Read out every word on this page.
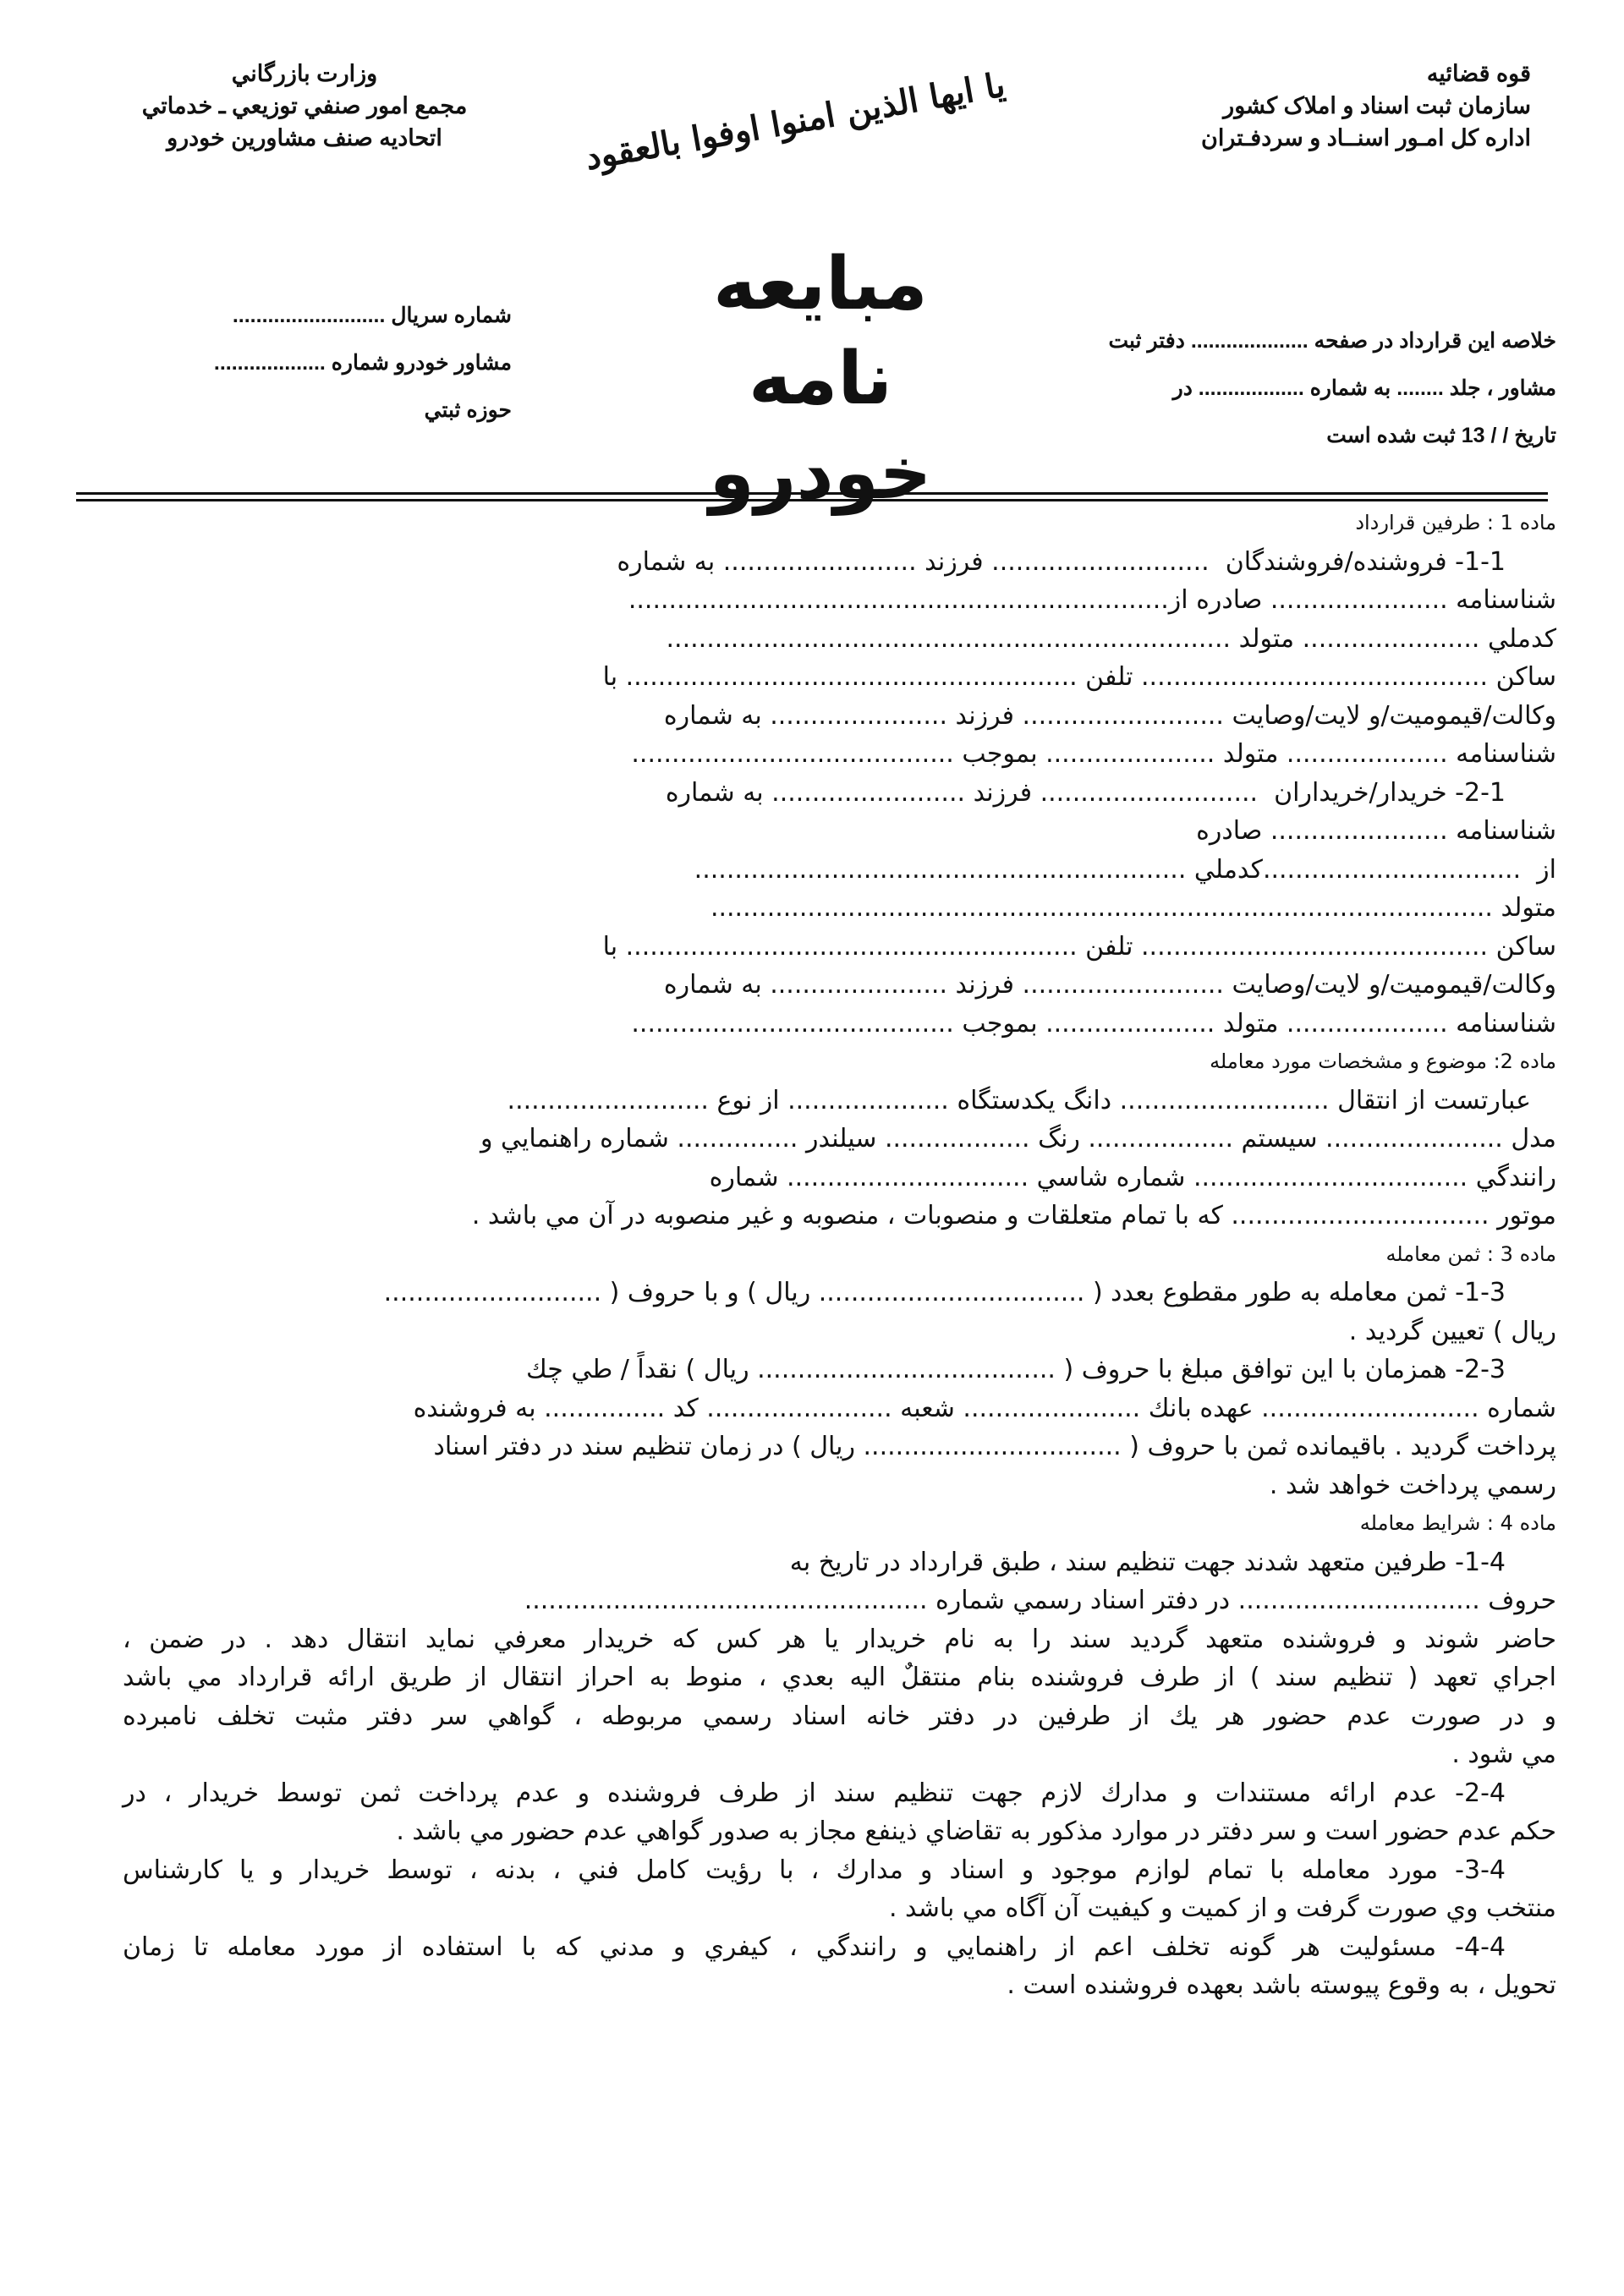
قوه قضائيه
سازمان ثبت اسناد و املاک کشور
اداره کل امـور اسنــاد و سردفـتران
وزارت بازرگاني
مجمع امور صنفي توزيعي ـ خدماتي
اتحاديه صنف مشاورين خودرو	يا ايها الذين امنوا اوفوا بالعقود
مبايعه نامه
خودرو
شماره سريال ..........................
مشاور خودرو شماره ...................
حوزه ثبتي
خلاصه اين قرارداد در صفحه .................... دفتر ثبت
مشاور ، جلد ........ به شماره .................. در
تاريخ / / 13 ثبت شده است
ماده 1 : طرفين قرارداد
1-1- فروشنده/فروشندگان  ........................... فرزند ........................ به شماره
شناسنامه ...................... صادره از...................................................................
كدملي ...................... متولد ......................................................................
ساكن ........................................... تلفن ........................................................ با
وكالت/قيموميت/و لايت/وصايت ......................... فرزند ...................... به شماره
شناسنامه .................... متولد ..................... بموجب ........................................
2-1- خريدار/خريداران  ........................... فرزند ........................ به شماره
شناسنامه ...................... صادره
از  ................................كدملي .............................................................
متولد .................................................................................................
ساكن ........................................... تلفن ........................................................ با
وكالت/قيموميت/و لايت/وصايت ......................... فرزند ...................... به شماره
شناسنامه .................... متولد ..................... بموجب ........................................
ماده 2: موضوع و مشخصات مورد معامله
عبارتست از انتقال .......................... دانگ يكدستگاه .................... از نوع .........................
مدل ...................... سيستم .................. رنگ .................. سيلندر ............... شماره راهنمايي و
رانندگي .................................. شماره شاسي .............................. شماره
موتور ................................ كه با تمام متعلقات و منصوبات ، منصوبه و غير منصوبه در آن مي باشد .
ماده 3 : ثمن معامله
1-3- ثمن معامله به طور مقطوع بعدد ( ................................. ريال ) و با حروف ( ...........................
ريال ) تعيين گرديد .
2-3- همزمان با اين توافق مبلغ با حروف ( ..................................... ريال ) نقداً / طي چك
شماره ........................... عهده بانك ...................... شعبه ....................... كد ............... به فروشنده
پرداخت گرديد . باقيمانده ثمن با حروف ( ................................ ريال ) در زمان تنظيم سند در دفتر اسناد
رسمي پرداخت خواهد شد .
ماده 4 : شرايط معامله
1-4- طرفين متعهد شدند جهت تنظيم سند ، طبق قرارداد در تاريخ به
حروف .............................. در دفتر اسناد رسمي شماره ..................................................
حاضر شوند و فروشنده متعهد گرديد سند را به نام خريدار يا هر كس كه خريدار معرفي نمايد انتقال دهد . در ضمن ،
اجراي تعهد ( تنظيم سند ) از طرف فروشنده بنام منتقلٌ اليه بعدي ، منوط به احراز انتقال از طريق ارائه قرارداد مي باشد
و در صورت عدم حضور هر يك از طرفين در دفتر خانه اسناد رسمي مربوطه ، گواهي سر دفتر مثبت تخلف نامبرده
مي شود .
2-4- عدم ارائه مستندات و مدارك لازم جهت تنظيم سند از طرف فروشنده و عدم پرداخت ثمن توسط خريدار ، در
حكم عدم حضور است و سر دفتر در موارد مذكور به تقاضاي ذينفع مجاز به صدور گواهي عدم حضور مي باشد .
3-4- مورد معامله با تمام لوازم موجود و اسناد و مدارك ، با رؤيت كامل فني ، بدنه ، توسط خريدار و يا كارشناس
منتخب وي صورت گرفت و از كميت و كيفيت آن آگاه مي باشد .
4-4- مسئوليت هر گونه تخلف اعم از راهنمايي و رانندگي ، كيفري و مدني كه با استفاده از مورد معامله تا زمان
تحويل ، به وقوع پيوسته باشد بعهده فروشنده است .
